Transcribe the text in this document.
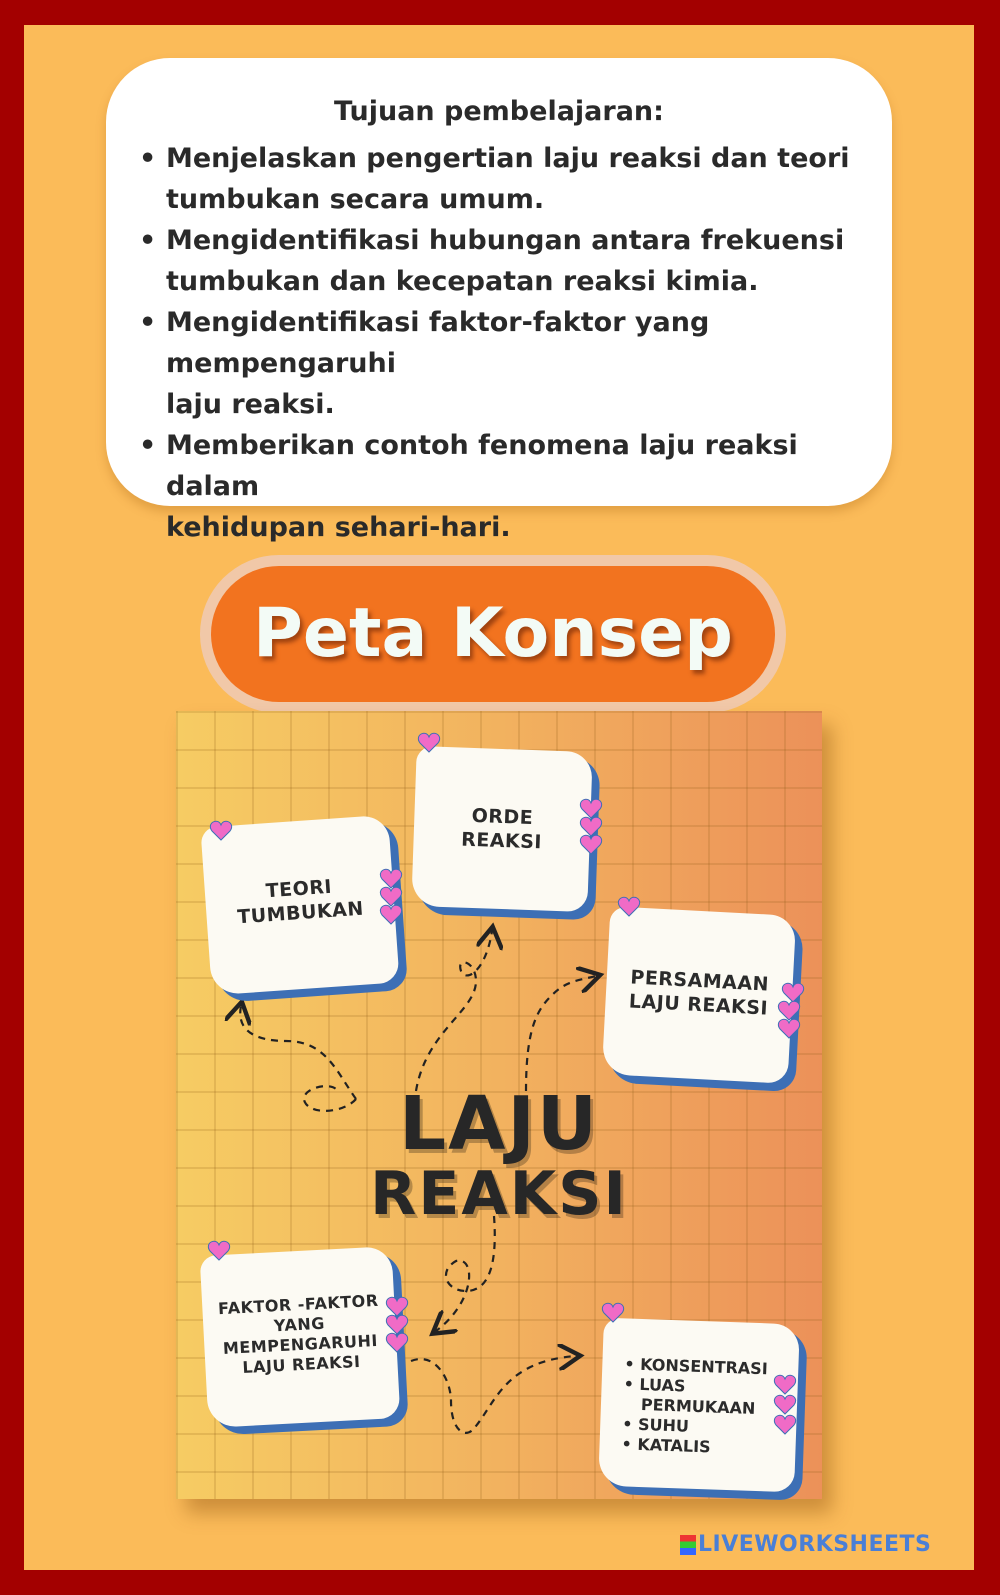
Tujuan pembelajaran:
• Menjelaskan pengertian laju reaksi dan teori
tumbukan secara umum.
• Mengidentifikasi hubungan antara frekuensi
tumbukan dan kecepatan reaksi kimia.
• Mengidentifikasi faktor-faktor yang mempengaruhi
laju reaksi.
• Memberikan contoh fenomena laju reaksi dalam
kehidupan sehari-hari.
Peta Konsep
TEORI
TUMBUKAN
ORDE
REAKSI
PERSAMAAN
LAJU REAKSI
LAJU
REAKSI
FAKTOR -FAKTOR
YANG
MEMPENGARUHI
LAJU REAKSI	• KONSENTRASI
• LUAS
PERMUKAAN
• SUHU
• KATALIS
LIVEWORKSHEETS
